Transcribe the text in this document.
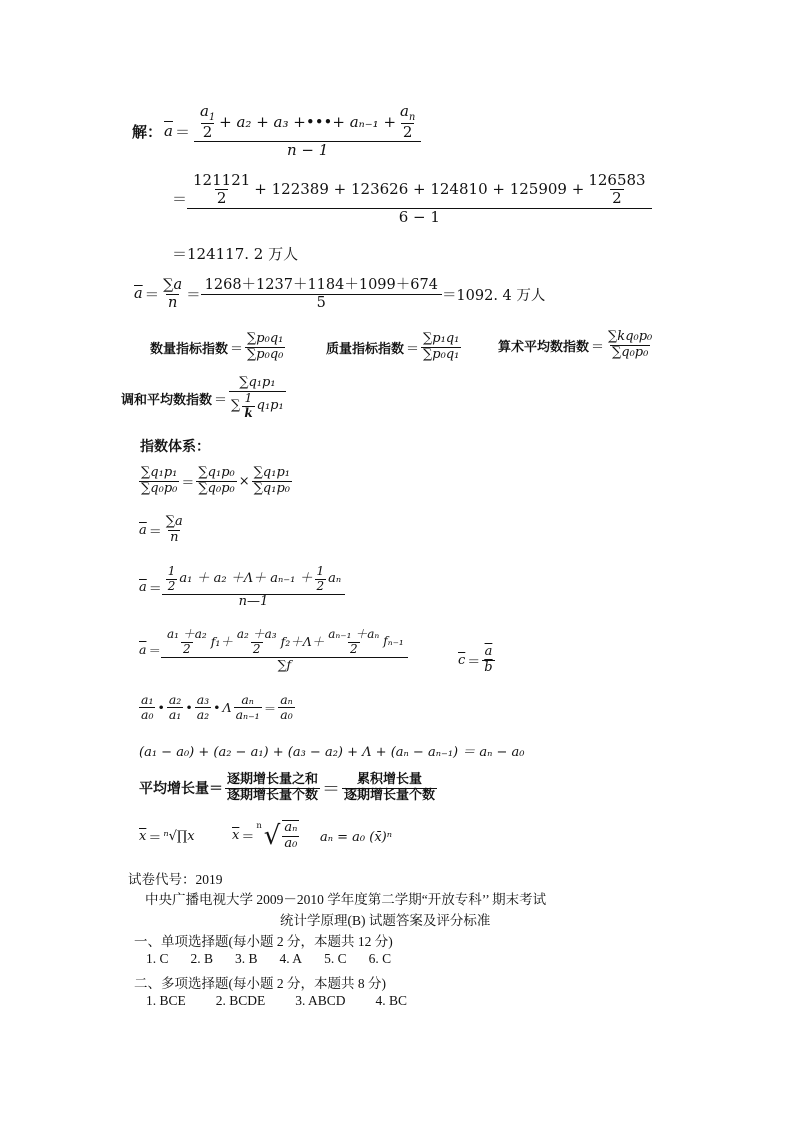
解： $\overline{a} = \frac{\frac{a_1}{2} + a_2 + a_3 +•••+ a_{n-1} + \frac{a_n}{2}}{n - 1}$
＝ $\frac{121121}{2} + 122389 + 123626 + 124810 + 125909 + \frac{126583}{2}$
6 − 1
＝124117. 2 万人
$\overline{a} = \frac{\sum a}{n} = \frac{1268+1237+1184+1099+674}{5} =1092$. 4 万人
数量指标指数 ＝ $\frac{\text{∑p₀q₁}}{\text{∑p₀q₀}}$	质量指标指数 ＝ $\frac{\text{∑p₁q₁}}{\text{∑p₀q₁}}$	算术平均数指数 ＝ $\frac{\text{∑kq₀p₀}}{\text{∑q₀p₀}}$
调和平均数指数 ＝ $\frac{\text{∑q₁p₁}}{\sum \frac{1}{k} q_1p_1}$
指数体系：
$\frac{\text{∑q₁p₁}}{\text{∑q₀p₀}} = \frac{\text{∑q₁p₀}}{\text{∑q₀p₀}} \times \frac{\text{∑q₁p₁}}{\text{∑q₁p₀}}$
$\overline{a} = \frac{\sum a}{n}$
$\overline{a} = \frac{\frac{1}{2} a_1 + a_2 +\Lambda+ a_{n-1} + \frac{1}{2} a_n}{n—1}$
$\overline{a} = \frac{\text{a₁ ＋a₂}}{2} f_1+ \frac{\text{a₂ ＋a₃}}{2} f_2+\Lambda+ \frac{\text{aₙ₋₁ ＋aₙ}}{2} f_{n-1}$
∑f	$\overline{c} = \frac{\overline{a}}{b}$
$\frac{\text{a₁}}{\text{a₀}}$ • $\frac{\text{a₂}}{\text{a₁}}$ • $\frac{\text{a₃}}{\text{a₂}}$ • Λ $\frac{\text{aₙ}}{\text{aₙ₋₁}} = \frac{\text{aₙ}}{\text{a₀}}$
(a₁ − a₀) + (a₂ − a₁) + (a₃ − a₂) + Λ + (aₙ − aₙ₋₁) ＝ aₙ − a₀
平均增长量＝ $\frac{\text{逐期增长量之和}}{\text{逐期增长量个数}} = \frac{\text{累积增长量}}{\text{逐期增长量个数}}$
$\overline{x}$ ＝ ⁿ√∏x	$\overline{x}$ ＝
$^n$ √ $\frac{\text{aₙ}}{\text{a₀}}$ aₙ = a₀ (x̄)ⁿ
试卷代号：2019
中央广播电视大学 2009－2010 学年度第二学期“开放专科’’ 期末考试
统计学原理(B) 试题答案及评分标准
一、单项选择题(每小题 2 分，本题共 12 分)
1. C 2. B 3. B 4. A 5. C 6. C
二、多项选择题(每小题 2 分，本题共 8 分)
1. BCE 2. BCDE 3. ABCD 4. BC
